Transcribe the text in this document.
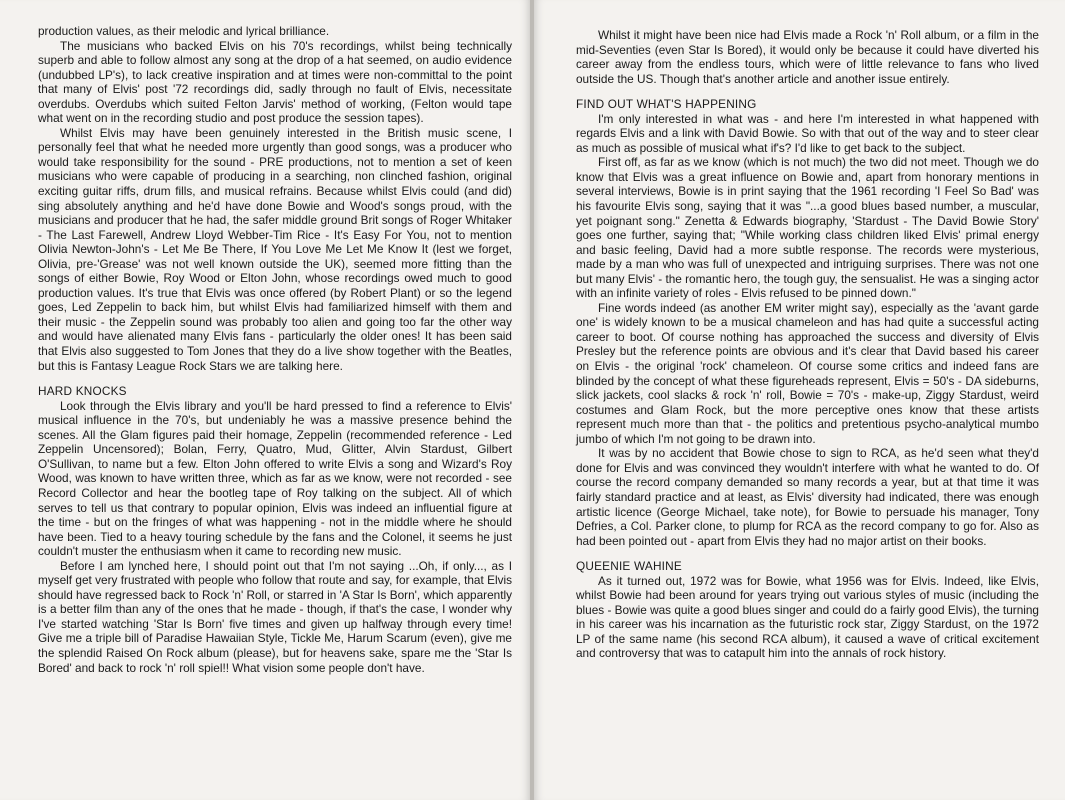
production values, as their melodic and lyrical brilliance.

The musicians who backed Elvis on his 70's recordings, whilst being technically superb and able to follow almost any song at the drop of a hat seemed, on audio evidence (undubbed LP's), to lack creative inspiration and at times were non-committal to the point that many of Elvis' post '72 recordings did, sadly through no fault of Elvis, necessitate overdubs. Overdubs which suited Felton Jarvis' method of working, (Felton would tape what went on in the recording studio and post produce the session tapes).

Whilst Elvis may have been genuinely interested in the British music scene, I personally feel that what he needed more urgently than good songs, was a producer who would take responsibility for the sound - PRE productions, not to mention a set of keen musicians who were capable of producing in a searching, non clinched fashion, original exciting guitar riffs, drum fills, and musical refrains. Because whilst Elvis could (and did) sing absolutely anything and he'd have done Bowie and Wood's songs proud, with the musicians and producer that he had, the safer middle ground Brit songs of Roger Whitaker - The Last Farewell, Andrew Lloyd Webber-Tim Rice - It's Easy For You, not to mention Olivia Newton-John's - Let Me Be There, If You Love Me Let Me Know It (lest we forget, Olivia, pre-'Grease' was not well known outside the UK), seemed more fitting than the songs of either Bowie, Roy Wood or Elton John, whose recordings owed much to good production values. It's true that Elvis was once offered (by Robert Plant) or so the legend goes, Led Zeppelin to back him, but whilst Elvis had familiarized himself with them and their music - the Zeppelin sound was probably too alien and going too far the other way and would have alienated many Elvis fans - particularly the older ones! It has been said that Elvis also suggested to Tom Jones that they do a live show together with the Beatles, but this is Fantasy League Rock Stars we are talking here.

HARD KNOCKS

Look through the Elvis library and you'll be hard pressed to find a reference to Elvis' musical influence in the 70's, but undeniably he was a massive presence behind the scenes. All the Glam figures paid their homage, Zeppelin (recommended reference - Led Zeppelin Uncensored); Bolan, Ferry, Quatro, Mud, Glitter, Alvin Stardust, Gilbert O'Sullivan, to name but a few. Elton John offered to write Elvis a song and Wizard's Roy Wood, was known to have written three, which as far as we know, were not recorded - see Record Collector and hear the bootleg tape of Roy talking on the subject. All of which serves to tell us that contrary to popular opinion, Elvis was indeed an influential figure at the time - but on the fringes of what was happening - not in the middle where he should have been. Tied to a heavy touring schedule by the fans and the Colonel, it seems he just couldn't muster the enthusiasm when it came to recording new music.

Before I am lynched here, I should point out that I'm not saying ...Oh, if only..., as I myself get very frustrated with people who follow that route and say, for example, that Elvis should have regressed back to Rock 'n' Roll, or starred in 'A Star Is Born', which apparently is a better film than any of the ones that he made - though, if that's the case, I wonder why I've started watching 'Star Is Born' five times and given up halfway through every time! Give me a triple bill of Paradise Hawaiian Style, Tickle Me, Harum Scarum (even), give me the splendid Raised On Rock album (please), but for heavens sake, spare me the 'Star Is Bored' and back to rock 'n' roll spiel!! What vision some people don't have.

Whilst it might have been nice had Elvis made a Rock 'n' Roll album, or a film in the mid-Seventies (even Star Is Bored), it would only be because it could have diverted his career away from the endless tours, which were of little relevance to fans who lived outside the US. Though that's another article and another issue entirely.

FIND OUT WHAT'S HAPPENING

I'm only interested in what was - and here I'm interested in what happened with regards Elvis and a link with David Bowie. So with that out of the way and to steer clear as much as possible of musical what if's? I'd like to get back to the subject.

First off, as far as we know (which is not much) the two did not meet. Though we do know that Elvis was a great influence on Bowie and, apart from honorary mentions in several interviews, Bowie is in print saying that the 1961 recording 'I Feel So Bad' was his favourite Elvis song, saying that it was "...a good blues based number, a muscular, yet poignant song." Zenetta & Edwards biography, 'Stardust - The David Bowie Story' goes one further, saying that; "While working class children liked Elvis' primal energy and basic feeling, David had a more subtle response. The records were mysterious, made by a man who was full of unexpected and intriguing surprises. There was not one but many Elvis' - the romantic hero, the tough guy, the sensualist. He was a singing actor with an infinite variety of roles - Elvis refused to be pinned down."

Fine words indeed (as another EM writer might say), especially as the 'avant garde one' is widely known to be a musical chameleon and has had quite a successful acting career to boot. Of course nothing has approached the success and diversity of Elvis Presley but the reference points are obvious and it's clear that David based his career on Elvis - the original 'rock' chameleon. Of course some critics and indeed fans are blinded by the concept of what these figureheads represent, Elvis = 50's - DA sideburns, slick jackets, cool slacks & rock 'n' roll, Bowie = 70's - make-up, Ziggy Stardust, weird costumes and Glam Rock, but the more perceptive ones know that these artists represent much more than that - the politics and pretentious psycho-analytical mumbo jumbo of which I'm not going to be drawn into.

It was by no accident that Bowie chose to sign to RCA, as he'd seen what they'd done for Elvis and was convinced they wouldn't interfere with what he wanted to do. Of course the record company demanded so many records a year, but at that time it was fairly standard practice and at least, as Elvis' diversity had indicated, there was enough artistic licence (George Michael, take note), for Bowie to persuade his manager, Tony Defries, a Col. Parker clone, to plump for RCA as the record company to go for. Also as had been pointed out - apart from Elvis they had no major artist on their books.

QUEENIE WAHINE

As it turned out, 1972 was for Bowie, what 1956 was for Elvis. Indeed, like Elvis, whilst Bowie had been around for years trying out various styles of music (including the blues - Bowie was quite a good blues singer and could do a fairly good Elvis), the turning in his career was his incarnation as the futuristic rock star, Ziggy Stardust, on the 1972 LP of the same name (his second RCA album), it caused a wave of critical excitement and controversy that was to catapult him into the annals of rock history.
